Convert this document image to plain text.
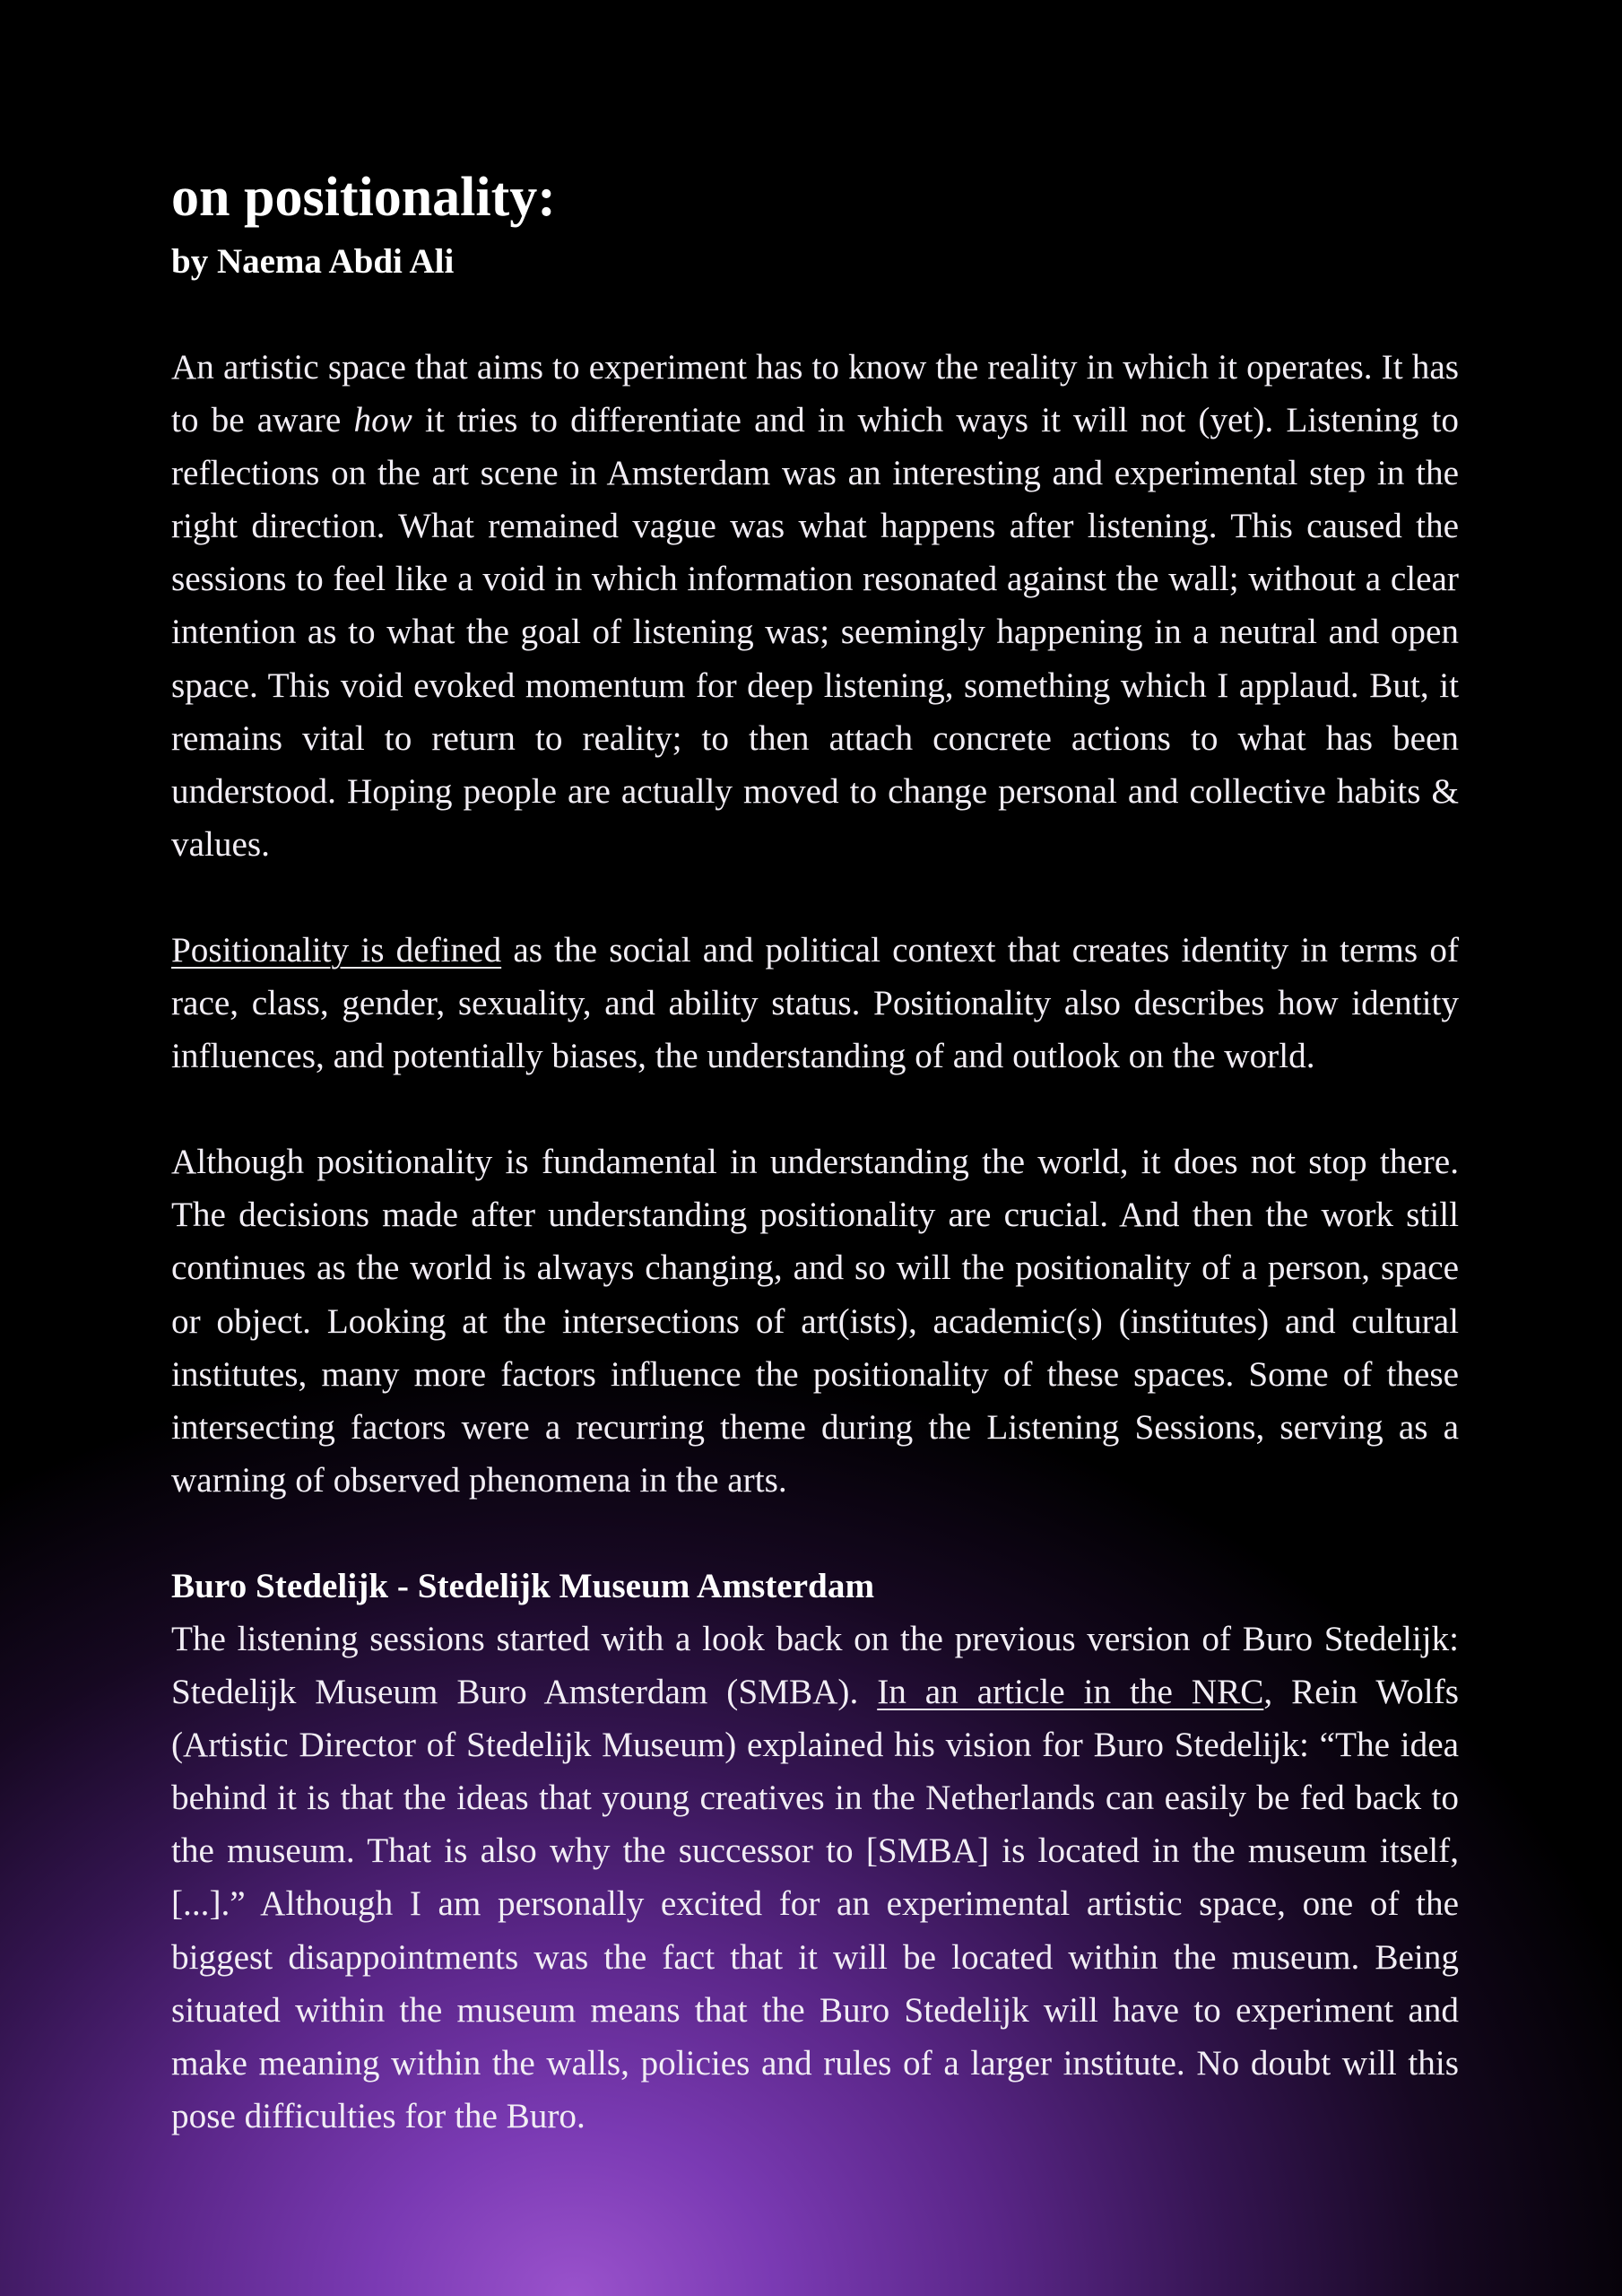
on positionality:
by Naema Abdi Ali

An artistic space that aims to experiment has to know the reality in which it operates. It has to be aware how it tries to differentiate and in which ways it will not (yet). Listening to reflections on the art scene in Amsterdam was an interesting and experimental step in the right direction. What remained vague was what happens after listening. This caused the sessions to feel like a void in which information resonated against the wall; without a clear intention as to what the goal of listening was; seemingly happening in a neutral and open space. This void evoked momentum for deep listening, something which I applaud. But, it remains vital to return to reality; to then attach concrete actions to what has been understood. Hoping people are actually moved to change personal and collective habits & values.

Positionality is defined as the social and political context that creates identity in terms of race, class, gender, sexuality, and ability status. Positionality also describes how identity influences, and potentially biases, the understanding of and outlook on the world.

Although positionality is fundamental in understanding the world, it does not stop there. The decisions made after understanding positionality are crucial. And then the work still continues as the world is always changing, and so will the positionality of a person, space or object. Looking at the intersections of art(ists), academic(s) (institutes) and cultural institutes, many more factors influence the positionality of these spaces. Some of these intersecting factors were a recurring theme during the Listening Sessions, serving as a warning of observed phenomena in the arts.

Buro Stedelijk - Stedelijk Museum Amsterdam

The listening sessions started with a look back on the previous version of Buro Stedelijk: Stedelijk Museum Buro Amsterdam (SMBA). In an article in the NRC, Rein Wolfs (Artistic Director of Stedelijk Museum) explained his vision for Buro Stedelijk: “The idea behind it is that the ideas that young creatives in the Netherlands can easily be fed back to the museum. That is also why the successor to [SMBA] is located in the museum itself, [...].” Although I am personally excited for an experimental artistic space, one of the biggest disappointments was the fact that it will be located within the museum. Being situated within the museum means that the Buro Stedelijk will have to experiment and make meaning within the walls, policies and rules of a larger institute. No doubt will this pose difficulties for the Buro.
